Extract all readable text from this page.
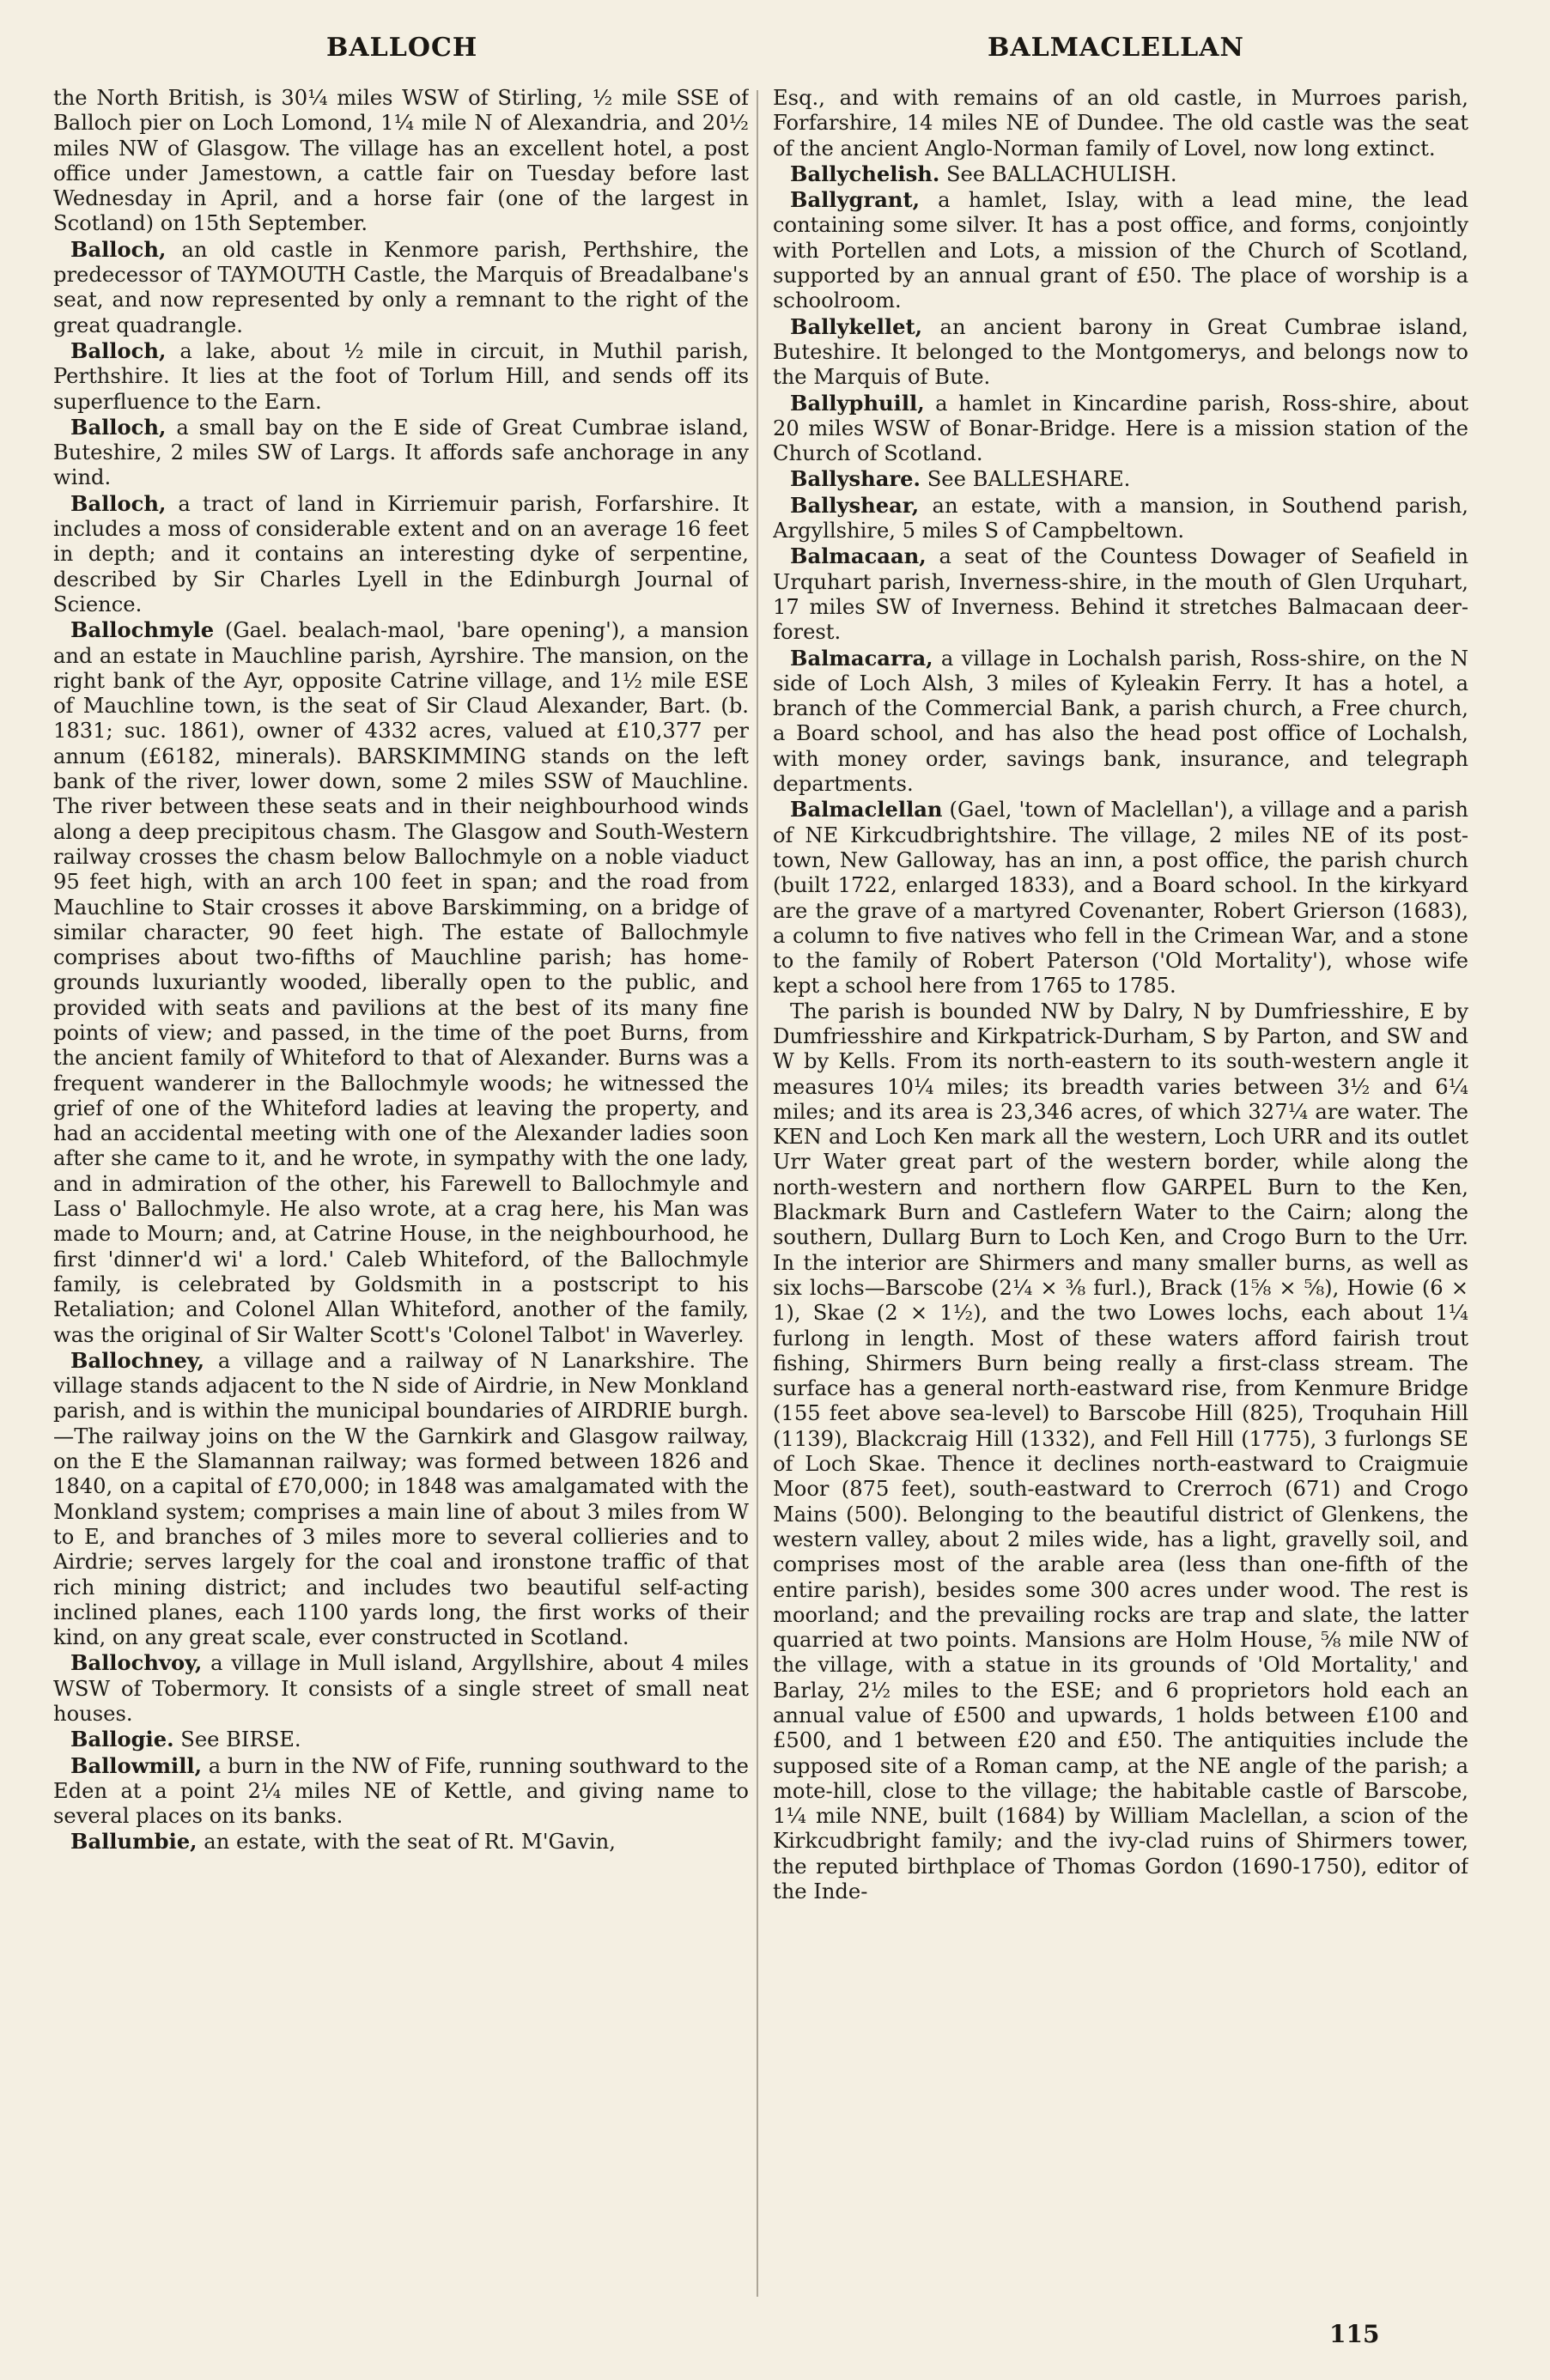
BALLOCH	BALMACLELLAN

the North British, is 30¼ miles WSW of Stirling, ½ mile SSE of Balloch pier on Loch Lomond, 1¼ mile N of Alexandria, and 20½ miles NW of Glasgow. The village has an excellent hotel, a post office under Jamestown, a cattle fair on Tuesday before last Wednesday in April, and a horse fair (one of the largest in Scotland) on 15th September.

Balloch, an old castle in Kenmore parish, Perthshire, the predecessor of TAYMOUTH Castle, the Marquis of Breadalbane's seat, and now represented by only a remnant to the right of the great quadrangle.

Balloch, a lake, about ½ mile in circuit, in Muthil parish, Perthshire. It lies at the foot of Torlum Hill, and sends off its superfluence to the Earn.

Balloch, a small bay on the E side of Great Cumbrae island, Buteshire, 2 miles SW of Largs. It affords safe anchorage in any wind.

Balloch, a tract of land in Kirriemuir parish, Forfarshire. It includes a moss of considerable extent and on an average 16 feet in depth; and it contains an interesting dyke of serpentine, described by Sir Charles Lyell in the Edinburgh Journal of Science.

Ballochmyle (Gael. bealach-maol, 'bare opening'), a mansion and an estate in Mauchline parish, Ayrshire. The mansion, on the right bank of the Ayr, opposite Catrine village, and 1½ mile ESE of Mauchline town, is the seat of Sir Claud Alexander, Bart. (b. 1831; suc. 1861), owner of 4332 acres, valued at £10,377 per annum (£6182, minerals). BARSKIMMING stands on the left bank of the river, lower down, some 2 miles SSW of Mauchline. The river between these seats and in their neighbourhood winds along a deep precipitous chasm. The Glasgow and South-Western railway crosses the chasm below Ballochmyle on a noble viaduct 95 feet high, with an arch 100 feet in span; and the road from Mauchline to Stair crosses it above Barskimming, on a bridge of similar character, 90 feet high. The estate of Ballochmyle comprises about two-fifths of Mauchline parish; has home-grounds luxuriantly wooded, liberally open to the public, and provided with seats and pavilions at the best of its many fine points of view; and passed, in the time of the poet Burns, from the ancient family of Whiteford to that of Alexander. Burns was a frequent wanderer in the Ballochmyle woods; he witnessed the grief of one of the Whiteford ladies at leaving the property, and had an accidental meeting with one of the Alexander ladies soon after she came to it, and he wrote, in sympathy with the one lady, and in admiration of the other, his Farewell to Ballochmyle and Lass o' Ballochmyle. He also wrote, at a crag here, his Man was made to Mourn; and, at Catrine House, in the neighbourhood, he first 'dinner'd wi' a lord.' Caleb Whiteford, of the Ballochmyle family, is celebrated by Goldsmith in a postscript to his Retaliation; and Colonel Allan Whiteford, another of the family, was the original of Sir Walter Scott's 'Colonel Talbot' in Waverley.

Ballochney, a village and a railway of N Lanarkshire. The village stands adjacent to the N side of Airdrie, in New Monkland parish, and is within the municipal boundaries of AIRDRIE burgh.—The railway joins on the W the Garnkirk and Glasgow railway, on the E the Slamannan railway; was formed between 1826 and 1840, on a capital of £70,000; in 1848 was amalgamated with the Monkland system; comprises a main line of about 3 miles from W to E, and branches of 3 miles more to several collieries and to Airdrie; serves largely for the coal and ironstone traffic of that rich mining district; and includes two beautiful self-acting inclined planes, each 1100 yards long, the first works of their kind, on any great scale, ever constructed in Scotland.

Ballochvoy, a village in Mull island, Argyllshire, about 4 miles WSW of Tobermory. It consists of a single street of small neat houses.

Ballogie. See BIRSE.

Ballowmill, a burn in the NW of Fife, running southward to the Eden at a point 2¼ miles NE of Kettle, and giving name to several places on its banks.

Ballumbie, an estate, with the seat of Rt. M'Gavin,

Esq., and with remains of an old castle, in Murroes parish, Forfarshire, 14 miles NE of Dundee. The old castle was the seat of the ancient Anglo-Norman family of Lovel, now long extinct.

Ballychelish. See BALLACHULISH.

Ballygrant, a hamlet, Islay, with a lead mine, the lead containing some silver. It has a post office, and forms, conjointly with Portellen and Lots, a mission of the Church of Scotland, supported by an annual grant of £50. The place of worship is a schoolroom.

Ballykellet, an ancient barony in Great Cumbrae island, Buteshire. It belonged to the Montgomerys, and belongs now to the Marquis of Bute.

Ballyphuill, a hamlet in Kincardine parish, Ross-shire, about 20 miles WSW of Bonar-Bridge. Here is a mission station of the Church of Scotland.

Ballyshare. See BALLESHARE.

Ballyshear, an estate, with a mansion, in Southend parish, Argyllshire, 5 miles S of Campbeltown.

Balmacaan, a seat of the Countess Dowager of Seafield in Urquhart parish, Inverness-shire, in the mouth of Glen Urquhart, 17 miles SW of Inverness. Behind it stretches Balmacaan deer-forest.

Balmacarra, a village in Lochalsh parish, Ross-shire, on the N side of Loch Alsh, 3 miles of Kyleakin Ferry. It has a hotel, a branch of the Commercial Bank, a parish church, a Free church, a Board school, and has also the head post office of Lochalsh, with money order, savings bank, insurance, and telegraph departments.

Balmaclellan (Gael, 'town of Maclellan'), a village and a parish of NE Kirkcudbrightshire. The village, 2 miles NE of its post-town, New Galloway, has an inn, a post office, the parish church (built 1722, enlarged 1833), and a Board school. In the kirkyard are the grave of a martyred Covenanter, Robert Grierson (1683), a column to five natives who fell in the Crimean War, and a stone to the family of Robert Paterson ('Old Mortality'), whose wife kept a school here from 1765 to 1785.

The parish is bounded NW by Dalry, N by Dumfriesshire, E by Dumfriesshire and Kirkpatrick-Durham, S by Parton, and SW and W by Kells. From its north-eastern to its south-western angle it measures 10¼ miles; its breadth varies between 3½ and 6¼ miles; and its area is 23,346 acres, of which 327¼ are water. The KEN and Loch Ken mark all the western, Loch URR and its outlet Urr Water great part of the western border, while along the north-western and northern flow GARPEL Burn to the Ken, Blackmark Burn and Castlefern Water to the Cairn; along the southern, Dullarg Burn to Loch Ken, and Crogo Burn to the Urr. In the interior are Shirmers and many smaller burns, as well as six lochs—Barscobe (2¼ × ⅜ furl.), Brack (1⅝ × ⅝), Howie (6 × 1), Skae (2 × 1½), and the two Lowes lochs, each about 1¼ furlong in length. Most of these waters afford fairish trout fishing, Shirmers Burn being really a first-class stream. The surface has a general north-eastward rise, from Kenmure Bridge (155 feet above sea-level) to Barscobe Hill (825), Troquhain Hill (1139), Blackcraig Hill (1332), and Fell Hill (1775), 3 furlongs SE of Loch Skae. Thence it declines north-eastward to Craigmuie Moor (875 feet), south-eastward to Crerroch (671) and Crogo Mains (500). Belonging to the beautiful district of Glenkens, the western valley, about 2 miles wide, has a light, gravelly soil, and comprises most of the arable area (less than one-fifth of the entire parish), besides some 300 acres under wood. The rest is moorland; and the prevailing rocks are trap and slate, the latter quarried at two points. Mansions are Holm House, ⅝ mile NW of the village, with a statue in its grounds of 'Old Mortality,' and Barlay, 2½ miles to the ESE; and 6 proprietors hold each an annual value of £500 and upwards, 1 holds between £100 and £500, and 1 between £20 and £50. The antiquities include the supposed site of a Roman camp, at the NE angle of the parish; a mote-hill, close to the village; the habitable castle of Barscobe, 1¼ mile NNE, built (1684) by William Maclellan, a scion of the Kirkcudbright family; and the ivy-clad ruins of Shirmers tower, the reputed birthplace of Thomas Gordon (1690-1750), editor of the Inde-

115
